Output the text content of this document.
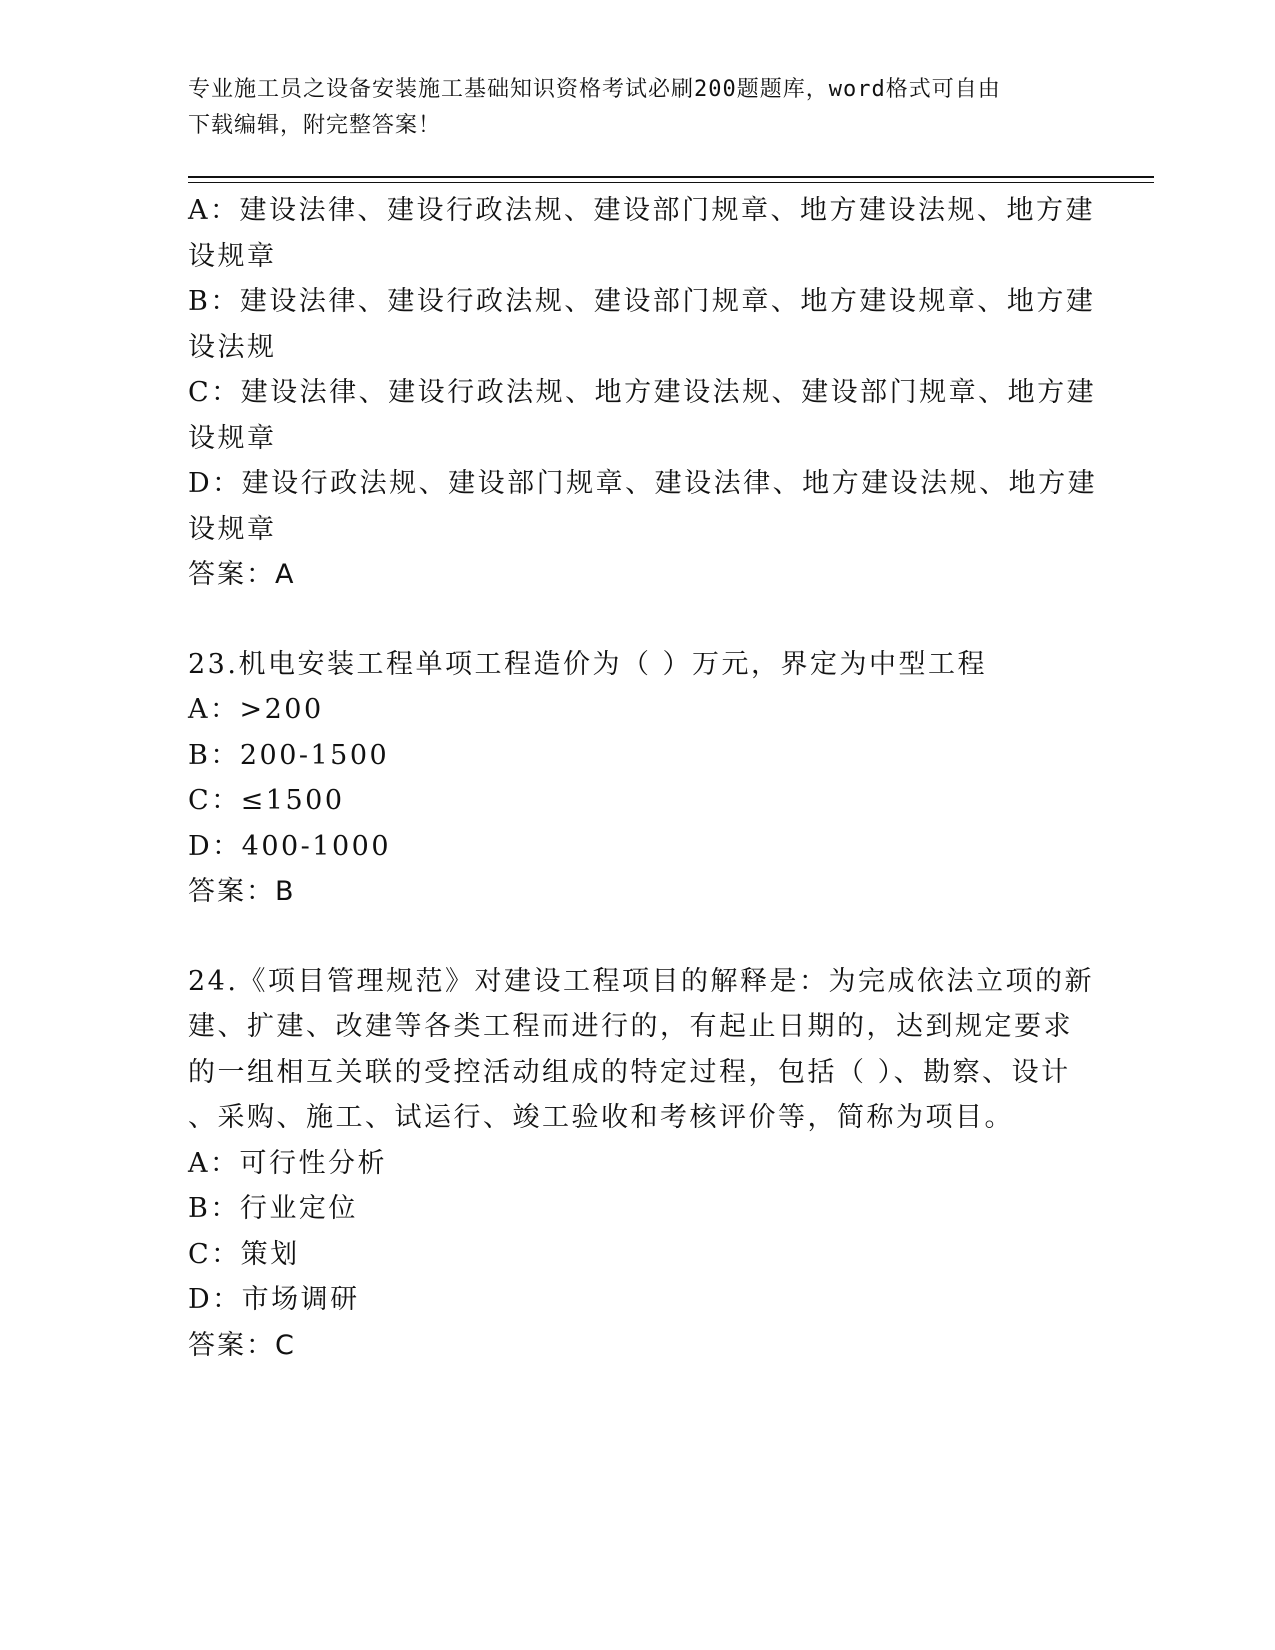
专业施工员之设备安装施工基础知识资格考试必刷200题题库，word格式可自由
下载编辑，附完整答案！
A：建设法律、建设行政法规、建设部门规章、地方建设法规、地方建
设规章
B：建设法律、建设行政法规、建设部门规章、地方建设规章、地方建
设法规
C：建设法律、建设行政法规、地方建设法规、建设部门规章、地方建
设规章
D：建设行政法规、建设部门规章、建设法律、地方建设法规、地方建
设规章
答案：A
23.机电安装工程单项工程造价为（ ）万元，界定为中型工程
A：>200
B：200-1500
C：≤1500
D：400-1000
答案：B
24.《项目管理规范》对建设工程项目的解释是：为完成依法立项的新
建、扩建、改建等各类工程而进行的，有起止日期的，达到规定要求
的一组相互关联的受控活动组成的特定过程，包括（ ）、勘察、设计
、采购、施工、试运行、竣工验收和考核评价等，简称为项目。
A：可行性分析
B：行业定位
C：策划
D：市场调研
答案：C
